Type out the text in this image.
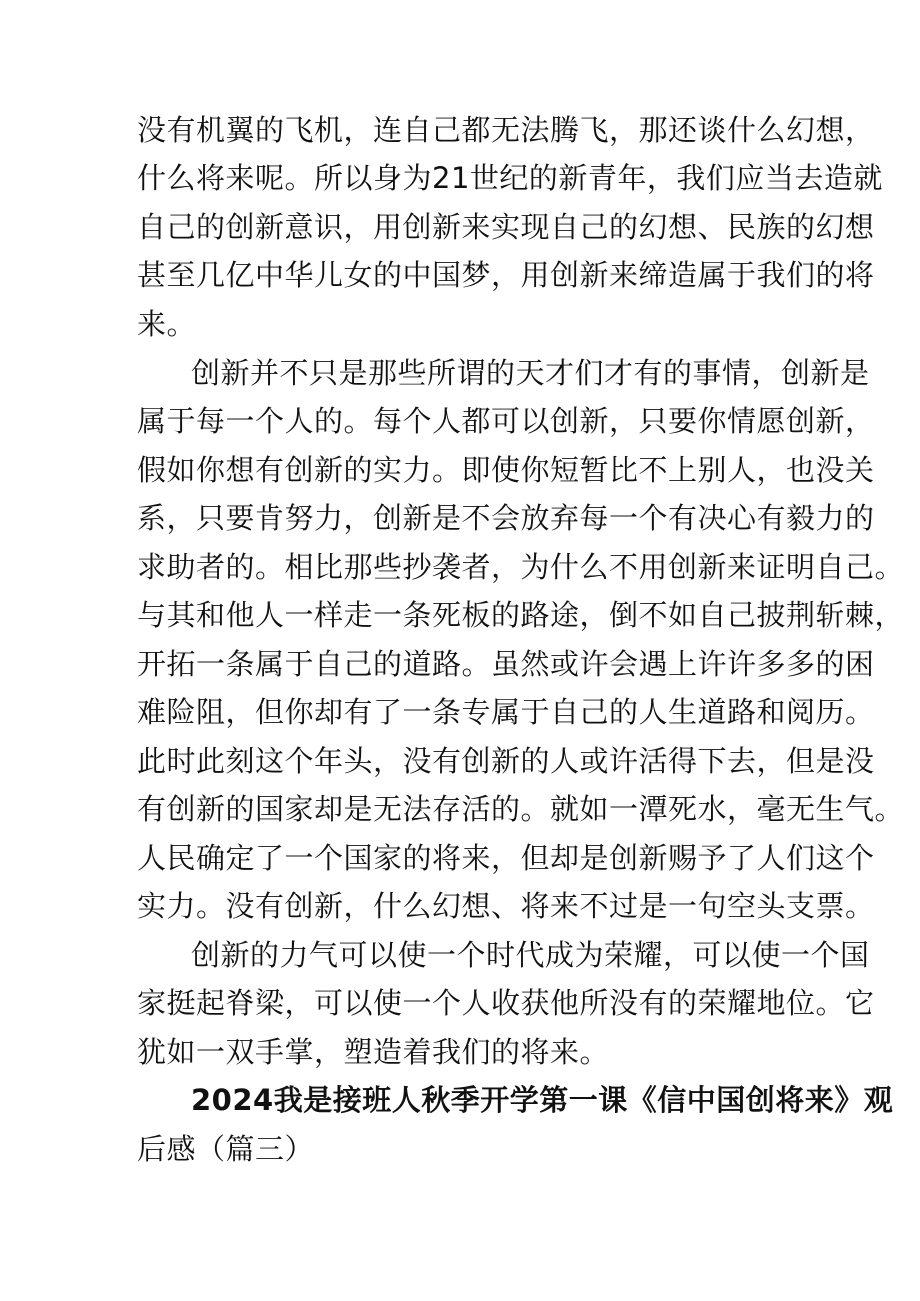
没有机翼的飞机，连自己都无法腾飞，那还谈什么幻想，
什么将来呢。所以身为21世纪的新青年，我们应当去造就
自己的创新意识，用创新来实现自己的幻想、民族的幻想
甚至几亿中华儿女的中国梦，用创新来缔造属于我们的将
来。
创新并不只是那些所谓的天才们才有的事情，创新是
属于每一个人的。每个人都可以创新，只要你情愿创新，
假如你想有创新的实力。即使你短暂比不上别人，也没关
系，只要肯努力，创新是不会放弃每一个有决心有毅力的
求助者的。相比那些抄袭者，为什么不用创新来证明自己。
与其和他人一样走一条死板的路途，倒不如自己披荆斩棘，
开拓一条属于自己的道路。虽然或许会遇上许许多多的困
难险阻，但你却有了一条专属于自己的人生道路和阅历。
此时此刻这个年头，没有创新的人或许活得下去，但是没
有创新的国家却是无法存活的。就如一潭死水，毫无生气。
人民确定了一个国家的将来，但却是创新赐予了人们这个
实力。没有创新，什么幻想、将来不过是一句空头支票。
创新的力气可以使一个时代成为荣耀，可以使一个国
家挺起脊梁，可以使一个人收获他所没有的荣耀地位。它
犹如一双手掌，塑造着我们的将来。
2024我是接班人秋季开学第一课《信中国创将来》观
后感（篇三）
